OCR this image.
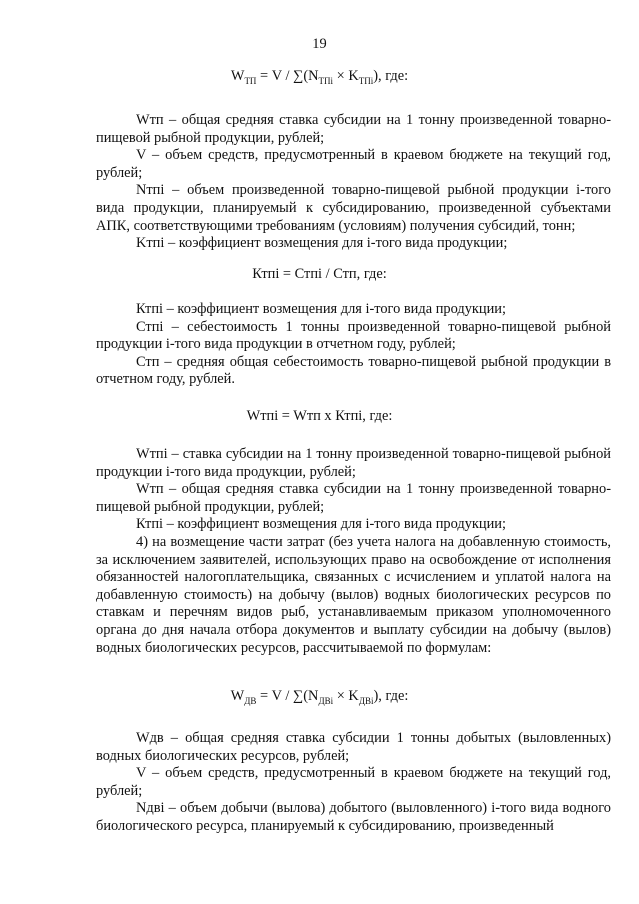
19
$W_{ТП} = V / \sum(N_{ТПi} \times K_{ТПi})$, где:

Wтп – общая средняя ставка субсидии на 1 тонну произведенной товарно-пищевой рыбной продукции, рублей;

V – объем средств, предусмотренный в краевом бюджете на текущий год, рублей;

Nтпi – объем произведенной товарно-пищевой рыбной продукции i-того вида продукции, планируемый к субсидированию, произведенной субъектами АПК, соответствующими требованиям (условиям) получения субсидий, тонн;

Kтпi – коэффициент возмещения для i-того вида продукции;

Ктпi = Стпi / Стп, где:

Ктпi – коэффициент возмещения для i-того вида продукции;

Стпi – себестоимость 1 тонны произведенной товарно-пищевой рыбной продукции i-того вида продукции в отчетном году, рублей;

Стп – средняя общая себестоимость товарно-пищевой рыбной продукции в отчетном году, рублей.

Wтпi = Wтп х Ктпi, где:

Wтпi – ставка субсидии на 1 тонну произведенной товарно-пищевой рыбной продукции i-того вида продукции, рублей;

Wтп – общая средняя ставка субсидии на 1 тонну произведенной товарно-пищевой рыбной продукции, рублей;

Ктпi – коэффициент возмещения для i-того вида продукции;

4) на возмещение части затрат (без учета налога на добавленную стоимость, за исключением заявителей, использующих право на освобождение от исполнения обязанностей налогоплательщика, связанных с исчислением и уплатой налога на добавленную стоимость) на добычу (вылов) водных биологических ресурсов по ставкам и перечням видов рыб, устанавливаемым приказом уполномоченного органа до дня начала отбора документов и выплату субсидии на добычу (вылов) водных биологических ресурсов, рассчитываемой по формулам:

$W_{ДВ} = V / \sum(N_{ДВi} \times K_{ДВi})$, где:

Wдв – общая средняя ставка субсидии 1 тонны добытых (выловленных) водных биологических ресурсов, рублей;

V – объем средств, предусмотренный в краевом бюджете на текущий год, рублей;

Nдвi – объем добычи (вылова) добытого (выловленного) i-того вида водного биологического ресурса, планируемый к субсидированию, произведенный
